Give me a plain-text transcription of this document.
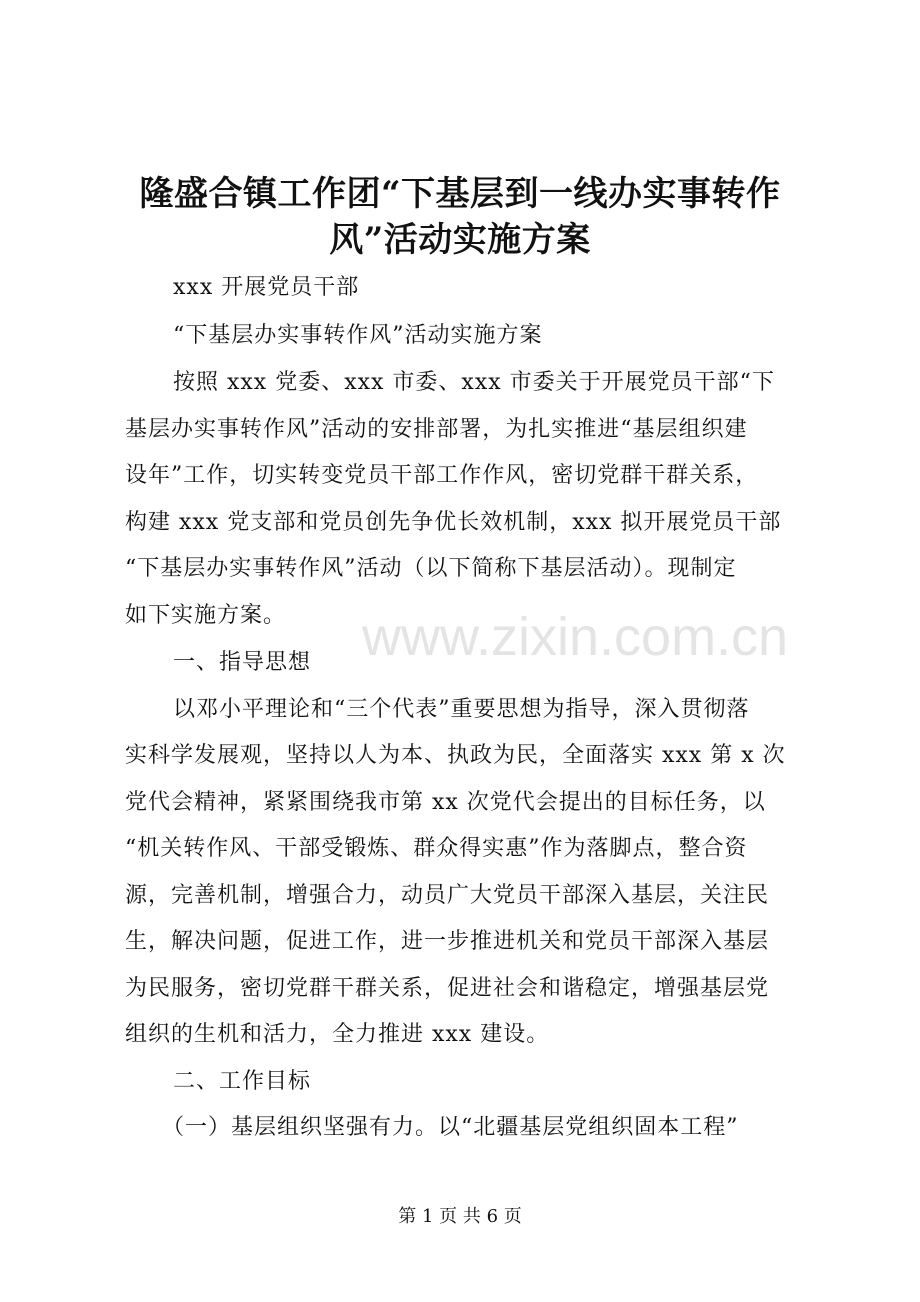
隆盛合镇工作团“下基层到一线办实事转作
风”活动实施方案
xxx 开展党员干部
“下基层办实事转作风”活动实施方案
按照 xxx 党委、xxx 市委、xxx 市委关于开展党员干部“下
基层办实事转作风”活动的安排部署，为扎实推进“基层组织建
设年”工作，切实转变党员干部工作作风，密切党群干群关系，
构建 xxx 党支部和党员创先争优长效机制，xxx 拟开展党员干部
“下基层办实事转作风”活动（以下简称下基层活动）。现制定
如下实施方案。
一、指导思想
以邓小平理论和“三个代表”重要思想为指导，深入贯彻落
实科学发展观，坚持以人为本、执政为民，全面落实 xxx 第 x 次
党代会精神，紧紧围绕我市第 xx 次党代会提出的目标任务，以
“机关转作风、干部受锻炼、群众得实惠”作为落脚点，整合资
源，完善机制，增强合力，动员广大党员干部深入基层，关注民
生，解决问题，促进工作，进一步推进机关和党员干部深入基层
为民服务，密切党群干群关系，促进社会和谐稳定，增强基层党
组织的生机和活力，全力推进 xxx 建设。
二、工作目标
（一）基层组织坚强有力。以“北疆基层党组织固本工程”
www.zixin.com.cn
第 1 页 共 6 页
